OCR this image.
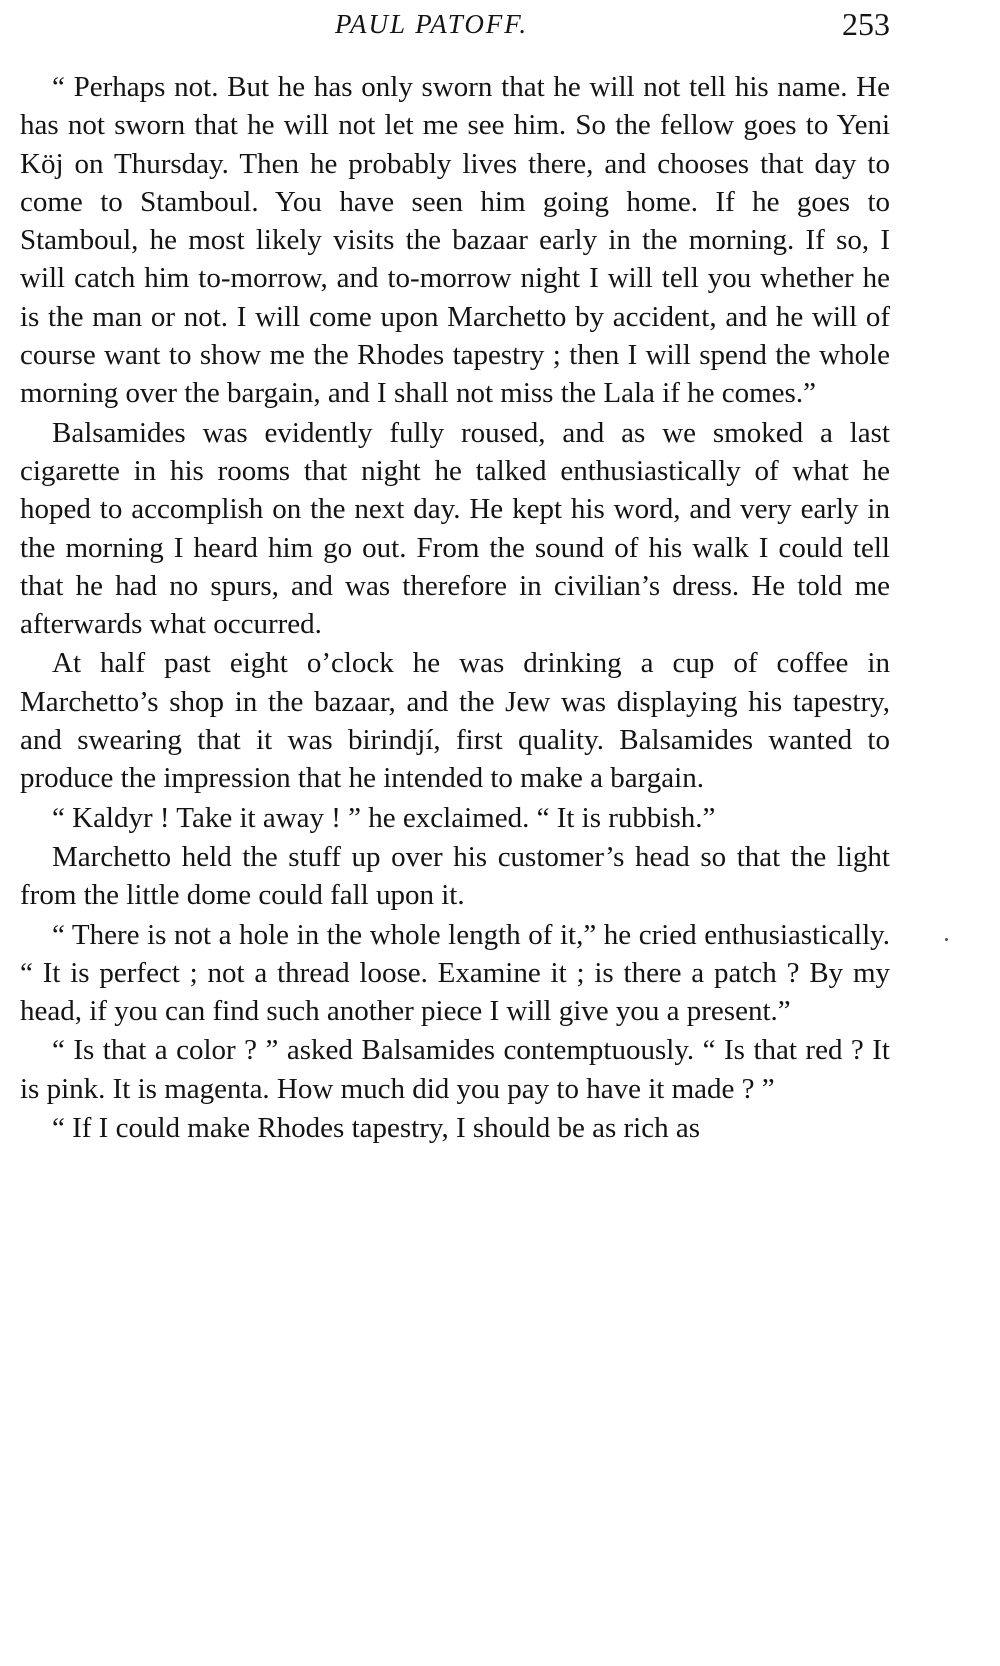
PAUL PATOFF.	253

“ Perhaps not. But he has only sworn that he will not tell his name. He has not sworn that he will not let me see him. So the fellow goes to Yeni Köj on Thursday. Then he probably lives there, and chooses that day to come to Stamboul. You have seen him going home. If he goes to Stamboul, he most likely visits the bazaar early in the morning. If so, I will catch him to-morrow, and to-morrow night I will tell you whether he is the man or not. I will come upon Marchetto by accident, and he will of course want to show me the Rhodes tapestry ; then I will spend the whole morning over the bargain, and I shall not miss the Lala if he comes.”

Balsamides was evidently fully roused, and as we smoked a last cigarette in his rooms that night he talked enthusiastically of what he hoped to accomplish on the next day. He kept his word, and very early in the morning I heard him go out. From the sound of his walk I could tell that he had no spurs, and was therefore in civilian’s dress. He told me afterwards what occurred.

At half past eight o’clock he was drinking a cup of coffee in Marchetto’s shop in the bazaar, and the Jew was displaying his tapestry, and swearing that it was birindjí, first quality. Balsamides wanted to produce the impression that he intended to make a bargain.

“ Kaldyr ! Take it away ! ” he exclaimed. “ It is rubbish.”

Marchetto held the stuff up over his customer’s head so that the light from the little dome could fall upon it.

“ There is not a hole in the whole length of it,” he cried enthusiastically. “ It is perfect ; not a thread loose. Examine it ; is there a patch ? By my head, if you can find such another piece I will give you a present.”

“ Is that a color ? ” asked Balsamides contemptuously. “ Is that red ? It is pink. It is magenta. How much did you pay to have it made ? ”

“ If I could make Rhodes tapestry, I should be as rich as
